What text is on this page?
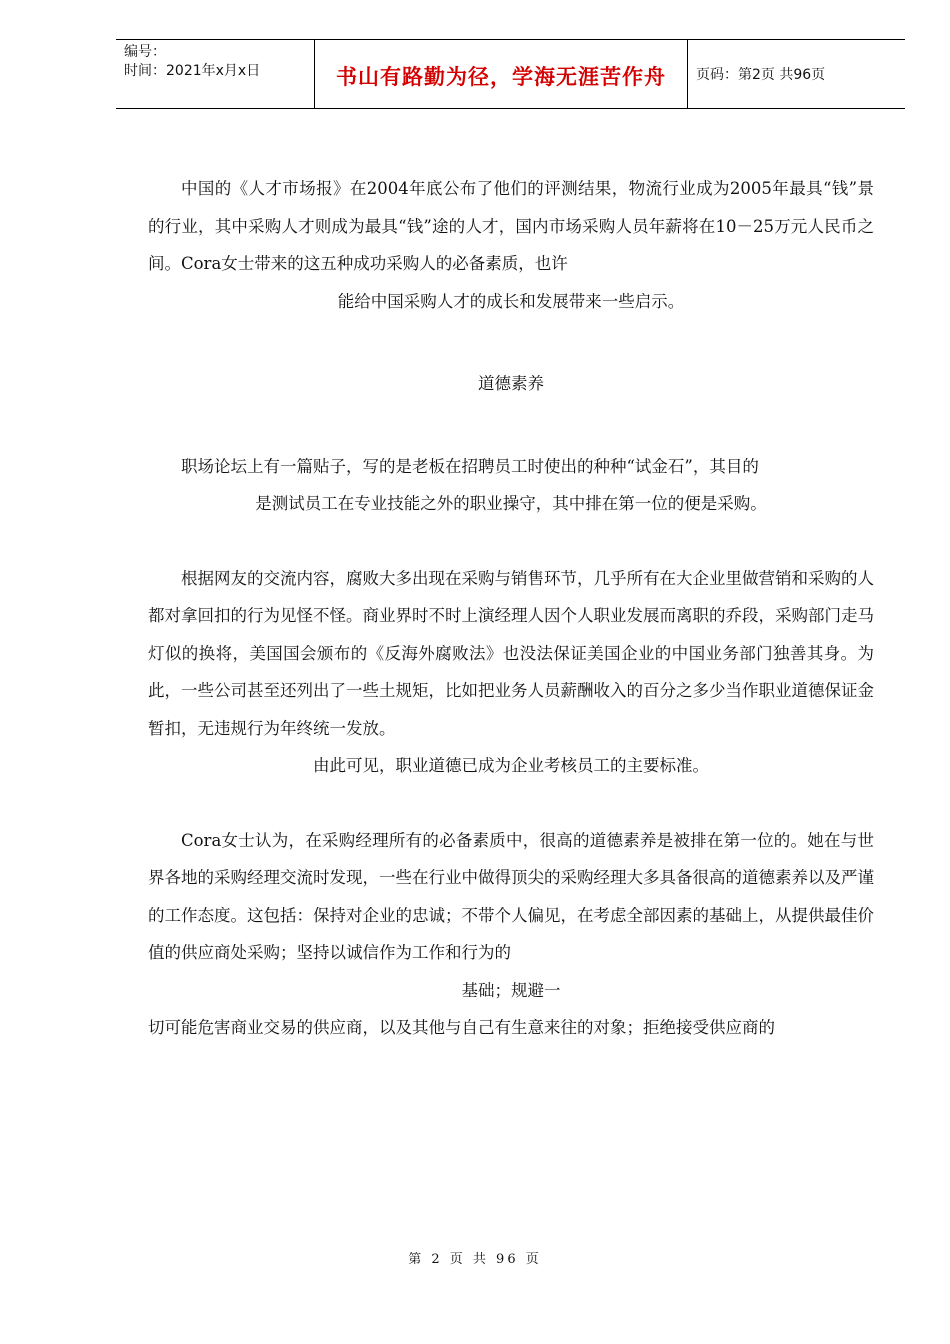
编号：
时间：2021年x月x日	书山有路勤为径，学海无涯苦作舟	页码：第2页 共96页

中国的《人才市场报》在2004年底公布了他们的评测结果，物流行业成为2005年最具“钱”景的行业，其中采购人才则成为最具“钱”途的人才，国内市场采购人员年薪将在10－25万元人民币之间。Cora女士带来的这五种成功采购人的必备素质，也许

能给中国采购人才的成长和发展带来一些启示。

道德素养

职场论坛上有一篇贴子，写的是老板在招聘员工时使出的种种“试金石”，其目的

是测试员工在专业技能之外的职业操守，其中排在第一位的便是采购。

根据网友的交流内容，腐败大多出现在采购与销售环节，几乎所有在大企业里做营销和采购的人都对拿回扣的行为见怪不怪。商业界时不时上演经理人因个人职业发展而离职的乔段，采购部门走马灯似的换将，美国国会颁布的《反海外腐败法》也没法保证美国企业的中国业务部门独善其身。为此，一些公司甚至还列出了一些土规矩，比如把业务人员薪酬收入的百分之多少当作职业道德保证金暂扣，无违规行为年终统一发放。

由此可见，职业道德已成为企业考核员工的主要标准。

Cora女士认为，在采购经理所有的必备素质中，很高的道德素养是被排在第一位的。她在与世界各地的采购经理交流时发现，一些在行业中做得顶尖的采购经理大多具备很高的道德素养以及严谨的工作态度。这包括：保持对企业的忠诚；不带个人偏见，在考虑全部因素的基础上，从提供最佳价值的供应商处采购；坚持以诚信作为工作和行为的

基础；规避一

切可能危害商业交易的供应商，以及其他与自己有生意来往的对象；拒绝接受供应商的

第 2 页 共 96 页
